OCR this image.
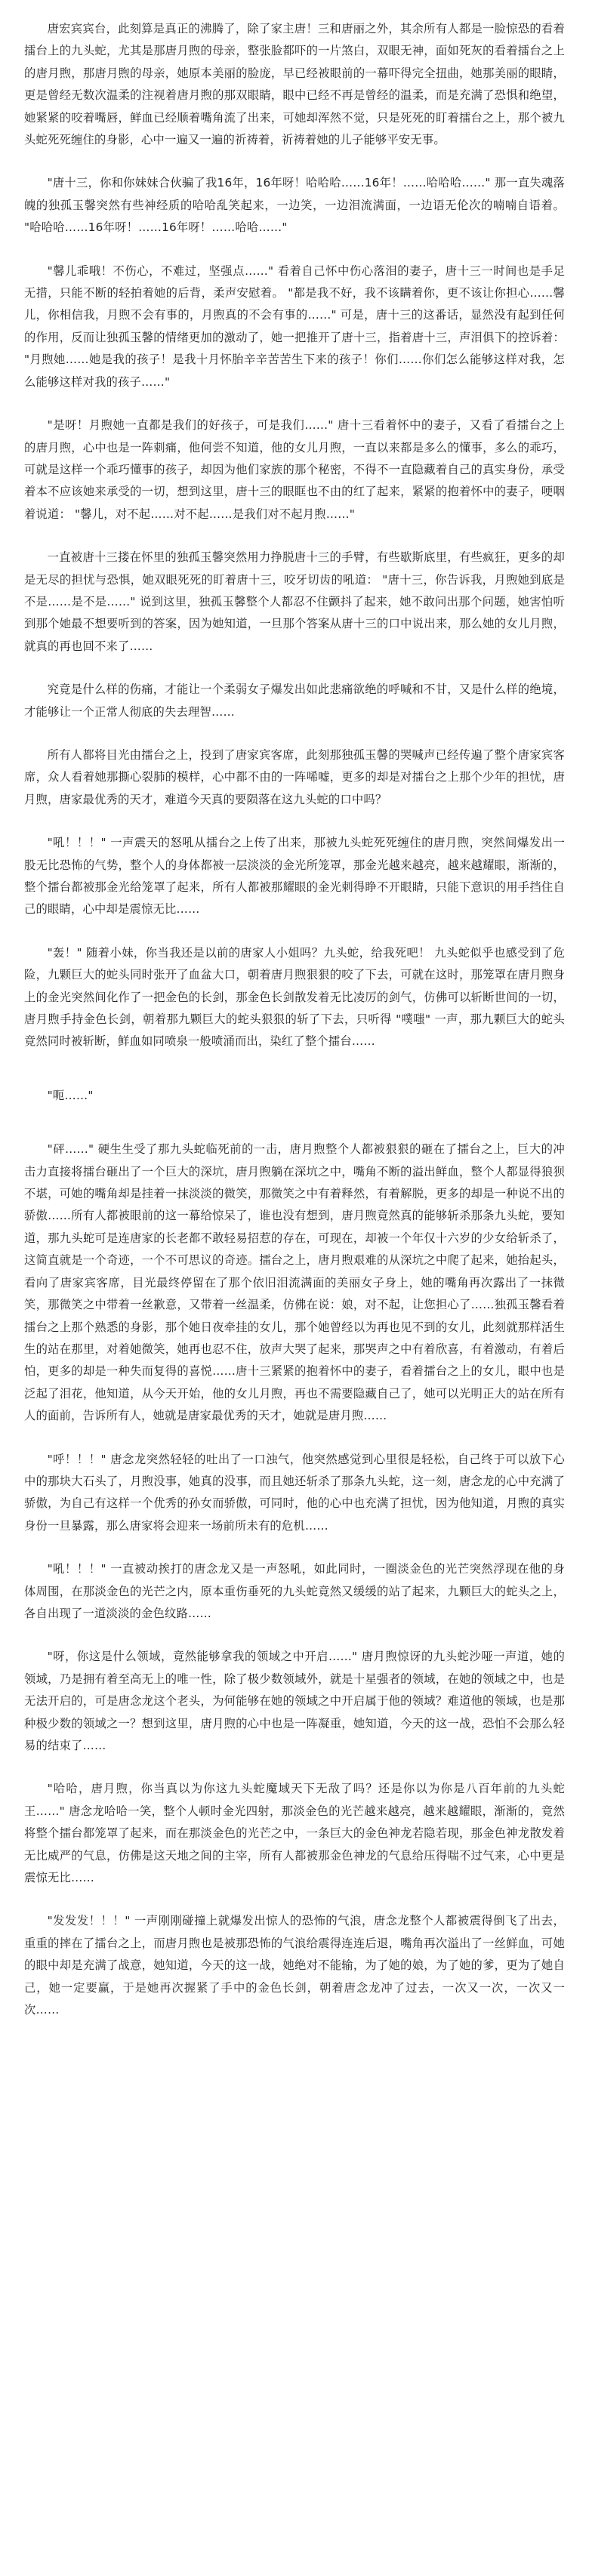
唐宏宾宾台，此刻算是真正的沸腾了，除了家主唐！三和唐丽之外，其余所有人都是一脸惊恐的看着擂台上的九头蛇，尤其是那唐月煦的母亲，整张脸都吓的一片煞白，双眼无神，面如死灰的看着擂台之上的唐月煦，那唐月煦的母亲，她原本美丽的脸庞，早已经被眼前的一幕吓得完全扭曲，她那美丽的眼睛，更是曾经无数次温柔的注视着唐月煦的那双眼睛，眼中已经不再是曾经的温柔，而是充满了恐惧和绝望，她紧紧的咬着嘴唇，鲜血已经顺着嘴角流了出来，可她却浑然不觉，只是死死的盯着擂台之上，那个被九头蛇死死缠住的身影，心中一遍又一遍的祈祷着，祈祷着她的儿子能够平安无事。

"唐十三，你和你妹妹合伙骗了我16年，16年呀！哈哈哈……16年！……哈哈哈……" 那一直失魂落魄的独孤玉馨突然有些神经质的哈哈乱笑起来，一边笑，一边泪流满面，一边语无伦次的喃喃自语着。 "哈哈哈……16年呀！……16年呀！……哈哈……"

"馨儿乖哦！不伤心，不难过，坚强点……" 看着自己怀中伤心落泪的妻子，唐十三一时间也是手足无措，只能不断的轻拍着她的后背，柔声安慰着。 "都是我不好，我不该瞒着你，更不该让你担心……馨儿，你相信我，月煦不会有事的，月煦真的不会有事的……" 可是，唐十三的这番话，显然没有起到任何的作用，反而让独孤玉馨的情绪更加的激动了，她一把推开了唐十三，指着唐十三，声泪俱下的控诉着： "月煦她……她是我的孩子！是我十月怀胎辛辛苦苦生下来的孩子！你们……你们怎么能够这样对我，怎么能够这样对我的孩子……"

"是呀！月煦她一直都是我们的好孩子，可是我们……" 唐十三看着怀中的妻子，又看了看擂台之上的唐月煦，心中也是一阵刺痛，他何尝不知道，他的女儿月煦，一直以来都是多么的懂事，多么的乖巧，可就是这样一个乖巧懂事的孩子，却因为他们家族的那个秘密，不得不一直隐藏着自己的真实身份，承受着本不应该她来承受的一切，想到这里，唐十三的眼眶也不由的红了起来，紧紧的抱着怀中的妻子，哽咽着说道： "馨儿，对不起……对不起……是我们对不起月煦……"

一直被唐十三搂在怀里的独孤玉馨突然用力挣脱唐十三的手臂，有些歇斯底里，有些疯狂，更多的却是无尽的担忧与恐惧，她双眼死死的盯着唐十三，咬牙切齿的吼道： "唐十三，你告诉我，月煦她到底是不是……是不是……" 说到这里，独孤玉馨整个人都忍不住颤抖了起来，她不敢问出那个问题，她害怕听到那个她最不想要听到的答案，因为她知道，一旦那个答案从唐十三的口中说出来，那么她的女儿月煦，就真的再也回不来了……

究竟是什么样的伤痛，才能让一个柔弱女子爆发出如此悲痛欲绝的呼喊和不甘，又是什么样的绝境，才能够让一个正常人彻底的失去理智……

所有人都将目光由擂台之上，投到了唐家宾客席，此刻那独孤玉馨的哭喊声已经传遍了整个唐家宾客席，众人看着她那撕心裂肺的模样，心中都不由的一阵唏嘘，更多的却是对擂台之上那个少年的担忧，唐月煦，唐家最优秀的天才，难道今天真的要陨落在这九头蛇的口中吗？

"吼！！！" 一声震天的怒吼从擂台之上传了出来，那被九头蛇死死缠住的唐月煦，突然间爆发出一股无比恐怖的气势，整个人的身体都被一层淡淡的金光所笼罩，那金光越来越亮，越来越耀眼，渐渐的，整个擂台都被那金光给笼罩了起来，所有人都被那耀眼的金光刺得睁不开眼睛，只能下意识的用手挡住自己的眼睛，心中却是震惊无比……

"轰！" 随着小妹，你当我还是以前的唐家人小姐吗？九头蛇，给我死吧！ 九头蛇似乎也感受到了危险，九颗巨大的蛇头同时张开了血盆大口，朝着唐月煦狠狠的咬了下去，可就在这时，那笼罩在唐月煦身上的金光突然间化作了一把金色的长剑，那金色长剑散发着无比凌厉的剑气，仿佛可以斩断世间的一切，唐月煦手持金色长剑，朝着那九颗巨大的蛇头狠狠的斩了下去，只听得 "噗嗤" 一声，那九颗巨大的蛇头竟然同时被斩断，鲜血如同喷泉一般喷涌而出，染红了整个擂台……

"呃……"

"砰……" 硬生生受了那九头蛇临死前的一击，唐月煦整个人都被狠狠的砸在了擂台之上，巨大的冲击力直接将擂台砸出了一个巨大的深坑，唐月煦躺在深坑之中，嘴角不断的溢出鲜血，整个人都显得狼狈不堪，可她的嘴角却是挂着一抹淡淡的微笑，那微笑之中有着释然，有着解脱，更多的却是一种说不出的骄傲……所有人都被眼前的这一幕给惊呆了，谁也没有想到，唐月煦竟然真的能够斩杀那条九头蛇，要知道，那九头蛇可是连唐家的长老都不敢轻易招惹的存在，可现在，却被一个年仅十六岁的少女给斩杀了，这简直就是一个奇迹，一个不可思议的奇迹。擂台之上，唐月煦艰难的从深坑之中爬了起来，她抬起头，看向了唐家宾客席，目光最终停留在了那个依旧泪流满面的美丽女子身上，她的嘴角再次露出了一抹微笑，那微笑之中带着一丝歉意，又带着一丝温柔，仿佛在说：娘，对不起，让您担心了……独孤玉馨看着擂台之上那个熟悉的身影，那个她日夜牵挂的女儿，那个她曾经以为再也见不到的女儿，此刻就那样活生生的站在那里，对着她微笑，她再也忍不住，放声大哭了起来，那哭声之中有着欣喜，有着激动，有着后怕，更多的却是一种失而复得的喜悦……唐十三紧紧的抱着怀中的妻子，看着擂台之上的女儿，眼中也是泛起了泪花，他知道，从今天开始，他的女儿月煦，再也不需要隐藏自己了，她可以光明正大的站在所有人的面前，告诉所有人，她就是唐家最优秀的天才，她就是唐月煦……

"呼！！！" 唐念龙突然轻轻的吐出了一口浊气，他突然感觉到心里很是轻松，自己终于可以放下心中的那块大石头了，月煦没事，她真的没事，而且她还斩杀了那条九头蛇，这一刻，唐念龙的心中充满了骄傲，为自己有这样一个优秀的孙女而骄傲，可同时，他的心中也充满了担忧，因为他知道，月煦的真实身份一旦暴露，那么唐家将会迎来一场前所未有的危机……

"吼！！！" 一直被动挨打的唐念龙又是一声怒吼，如此同时，一圈淡金色的光芒突然浮现在他的身体周围，在那淡金色的光芒之内，原本重伤垂死的九头蛇竟然又缓缓的站了起来，九颗巨大的蛇头之上，各自出现了一道淡淡的金色纹路……

"呀，你这是什么领域，竟然能够拿我的领域之中开启……" 唐月煦惊讶的九头蛇沙哑一声道，她的领域，乃是拥有着至高无上的唯一性，除了极少数领域外，就是十星强者的领域，在她的领域之中，也是无法开启的，可是唐念龙这个老头，为何能够在她的领域之中开启属于他的领域？难道他的领域，也是那种极少数的领域之一？想到这里，唐月煦的心中也是一阵凝重，她知道，今天的这一战，恐怕不会那么轻易的结束了……

"哈哈，唐月煦，你当真以为你这九头蛇魔域天下无敌了吗？还是你以为你是八百年前的九头蛇王……" 唐念龙哈哈一笑，整个人顿时金光四射，那淡金色的光芒越来越亮，越来越耀眼，渐渐的，竟然将整个擂台都笼罩了起来，而在那淡金色的光芒之中，一条巨大的金色神龙若隐若现，那金色神龙散发着无比威严的气息，仿佛是这天地之间的主宰，所有人都被那金色神龙的气息给压得喘不过气来，心中更是震惊无比……

"发发发！！！" 一声刚刚碰撞上就爆发出惊人的恐怖的气浪，唐念龙整个人都被震得倒飞了出去，重重的摔在了擂台之上，而唐月煦也是被那恐怖的气浪给震得连连后退，嘴角再次溢出了一丝鲜血，可她的眼中却是充满了战意，她知道，今天的这一战，她绝对不能输，为了她的娘，为了她的爹，更为了她自己，她一定要赢，于是她再次握紧了手中的金色长剑，朝着唐念龙冲了过去，一次又一次，一次又一次……
